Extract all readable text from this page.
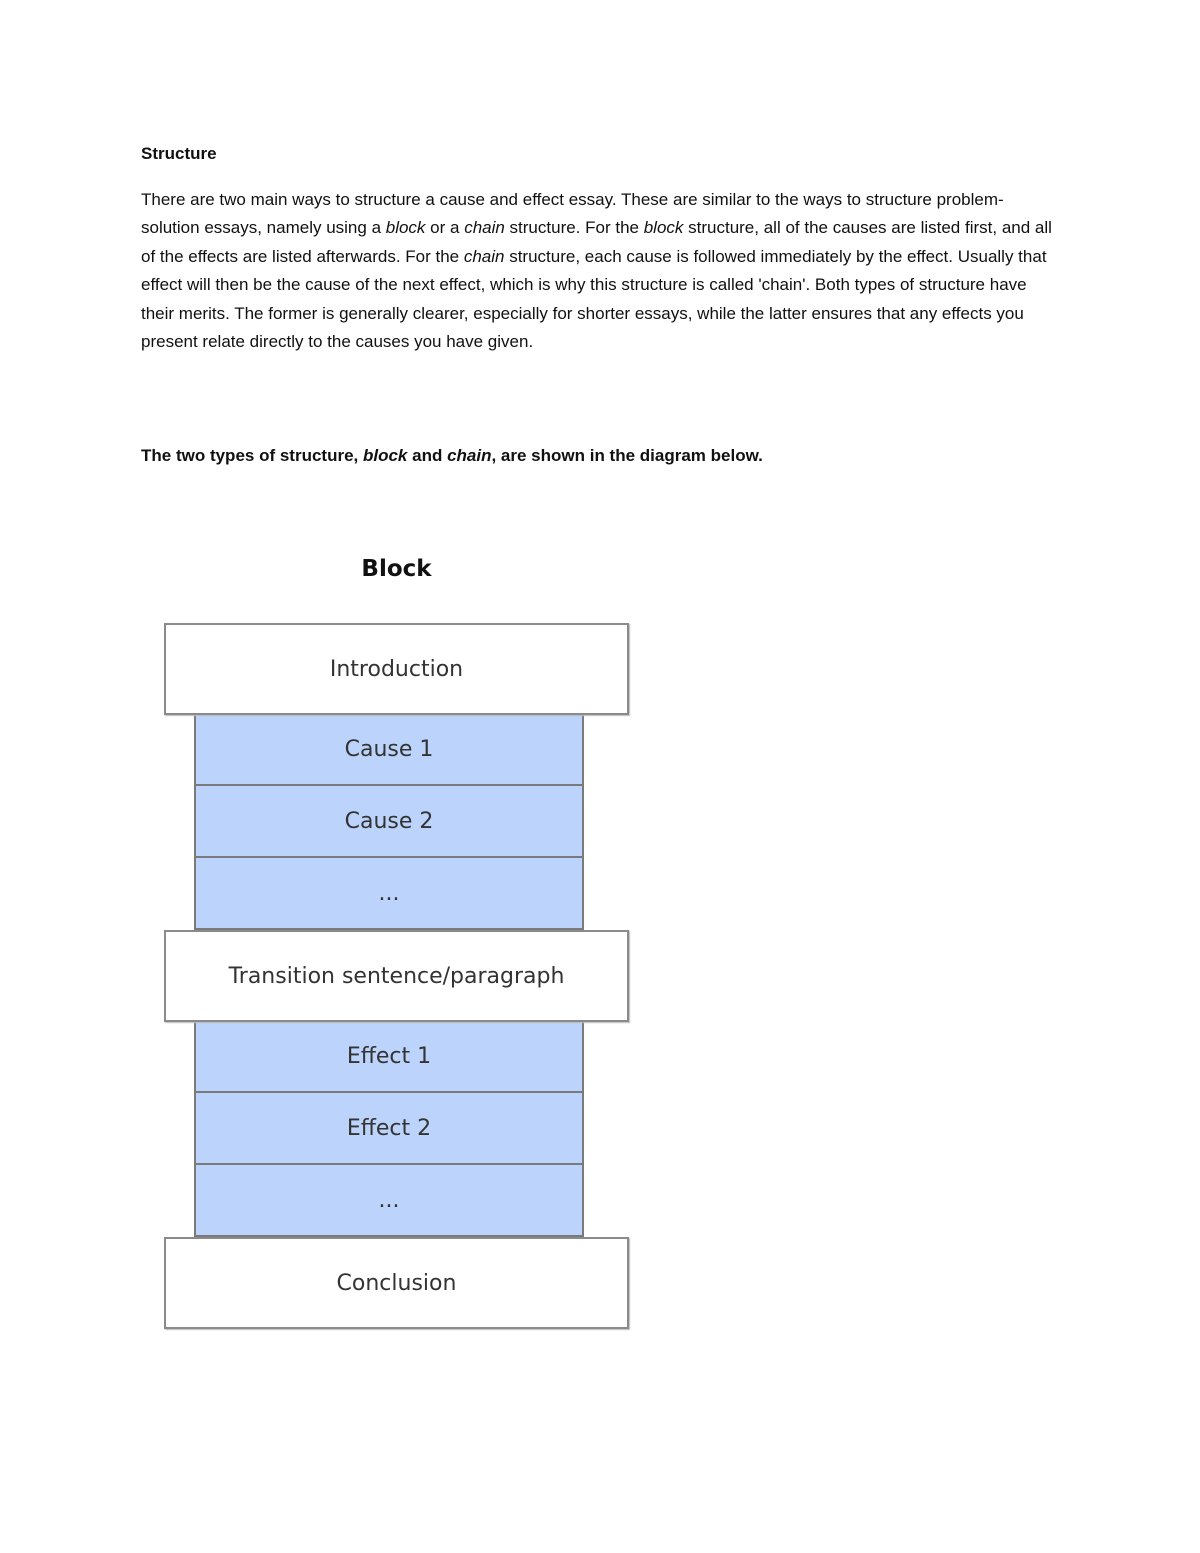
Structure

There are two main ways to structure a cause and effect essay. These are similar to the ways to structure problem-solution essays, namely using a block or a chain structure. For the block structure, all of the causes are listed first, and all of the effects are listed afterwards. For the chain structure, each cause is followed immediately by the effect. Usually that effect will then be the cause of the next effect, which is why this structure is called 'chain'. Both types of structure have their merits. The former is generally clearer, especially for shorter essays, while the latter ensures that any effects you present relate directly to the causes you have given.

The two types of structure, block and chain, are shown in the diagram below.

Block
Introduction
Cause 1
Cause 2
...
Transition sentence/paragraph
Effect 1
Effect 2
...
Conclusion
